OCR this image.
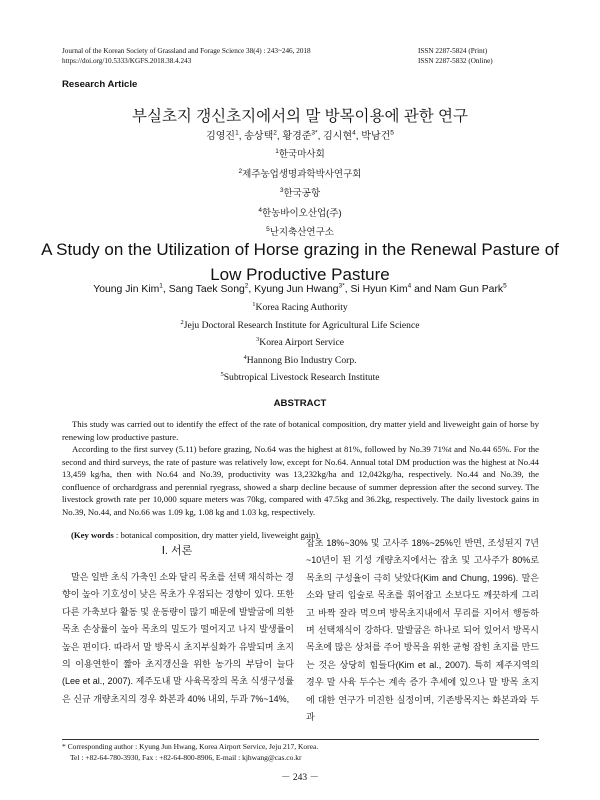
Journal of the Korean Society of Grassland and Forage Science 38(4) : 243~246, 2018
https://doi.org/10.5333/KGFS.2018.38.4.243
ISSN 2287-5824 (Print)
ISSN 2287-5832 (Online)
Research Article
부실초지 갱신초지에서의 말 방목이용에 관한 연구
김영진$^1$, 송상택$^2$, 황경준$^{3*}$, 김시현$^4$, 박남건$^5$
$^1$한국마사회
$^2$제주농업생명과학박사연구회
$^3$한국공항
$^4$한농바이오산업(주)
$^5$난지축산연구소
A Study on the Utilization of Horse grazing in the Renewal Pasture of Low Productive Pasture
Young Jin Kim$^1$, Sang Taek Song$^2$, Kyung Jun Hwang$^{3*}$, Si Hyun Kim$^4$ and Nam Gun Park$^5$
$^1$Korea Racing Authority
$^2$Jeju Doctoral Research Institute for Agricultural Life Science
$^3$Korea Airport Service
$^4$Hannong Bio Industry Corp.
$^5$Subtropical Livestock Research Institute
ABSTRACT

This study was carried out to identify the effect of the rate of botanical composition, dry matter yield and liveweight gain of horse by renewing low productive pasture.

According to the first survey (5.11) before grazing, No.64 was the highest at 81%, followed by No.39 71%t and No.44 65%. For the second and third surveys, the rate of pasture was relatively low, except for No.64. Annual total DM production was the highest at No.44 13,459 kg/ha, then with No.64 and No.39, productivity was 13,232kg/ha and 12,042kg/ha, respectively. No.44 and No.39, the confluence of orchardgrass and perennial ryegrass, showed a sharp decline because of summer depression after the second survey. The livestock growth rate per 10,000 square meters was 70kg, compared with 47.5kg and 36.2kg, respectively. The daily livestock gains in No.39, No.44, and No.66 was 1.09 kg, 1.08 kg and 1.03 kg, respectively.

(Key words : botanical composition, dry matter yield, liveweight gain)
Ⅰ. 서론

말은 일반 초식 가축인 소와 달리 목초를 선택 채식하는 경향이 높아 기호성이 낮은 목초가 우점되는 경향이 있다. 또한 다른 가축보다 활동 및 운동량이 많기 때문에 발발굽에 의한 목초 손상률이 높아 목초의 밀도가 떨어지고 나지 발생률이 높은 편이다. 따라서 말 방목시 초지부실화가 유발되며 초지의 이용연한이 짧아 초지갱신을 위한 농가의 부담이 늘다 (Lee et al., 2007). 제주도내 말 사육목장의 목초 식생구성률은 신규 개량초지의 경우 화본과 40% 내외, 두과 7%~14%,

잡초 18%~30% 및 고사주 18%~25%인 반면, 조성된지 7년~10년이 된 기성 개량초지에서는 잡초 및 고사주가 80%로 목초의 구성율이 극히 낮았다(Kim and Chung, 1996). 말은 소와 달리 입술로 목초를 휘어잡고 소보다도 깨끗하게 그리고 바짝 잘라 먹으며 방목초지내에서 무리를 지어서 행동하며 선택채식이 강하다. 말발굽은 하나로 되어 있어서 방목시 목초에 많은 상처를 주어 방목을 위한 균형 잡힌 초지를 만드는 것은 상당히 힘들다(Kim et al., 2007). 특히 제주지역의 경우 말 사육 두수는 계속 증가 추세에 있으나 말 방목 초지에 대한 연구가 미진한 실정이며, 기존방목지는 화본과와 두과

* Corresponding author : Kyung Jun Hwang, Korea Airport Service, Jeju 217, Korea.
Tel : +82-64-780-3930, Fax : +82-64-800-8906, E-mail : kjhwang@cas.co.kr
－ 243 －
